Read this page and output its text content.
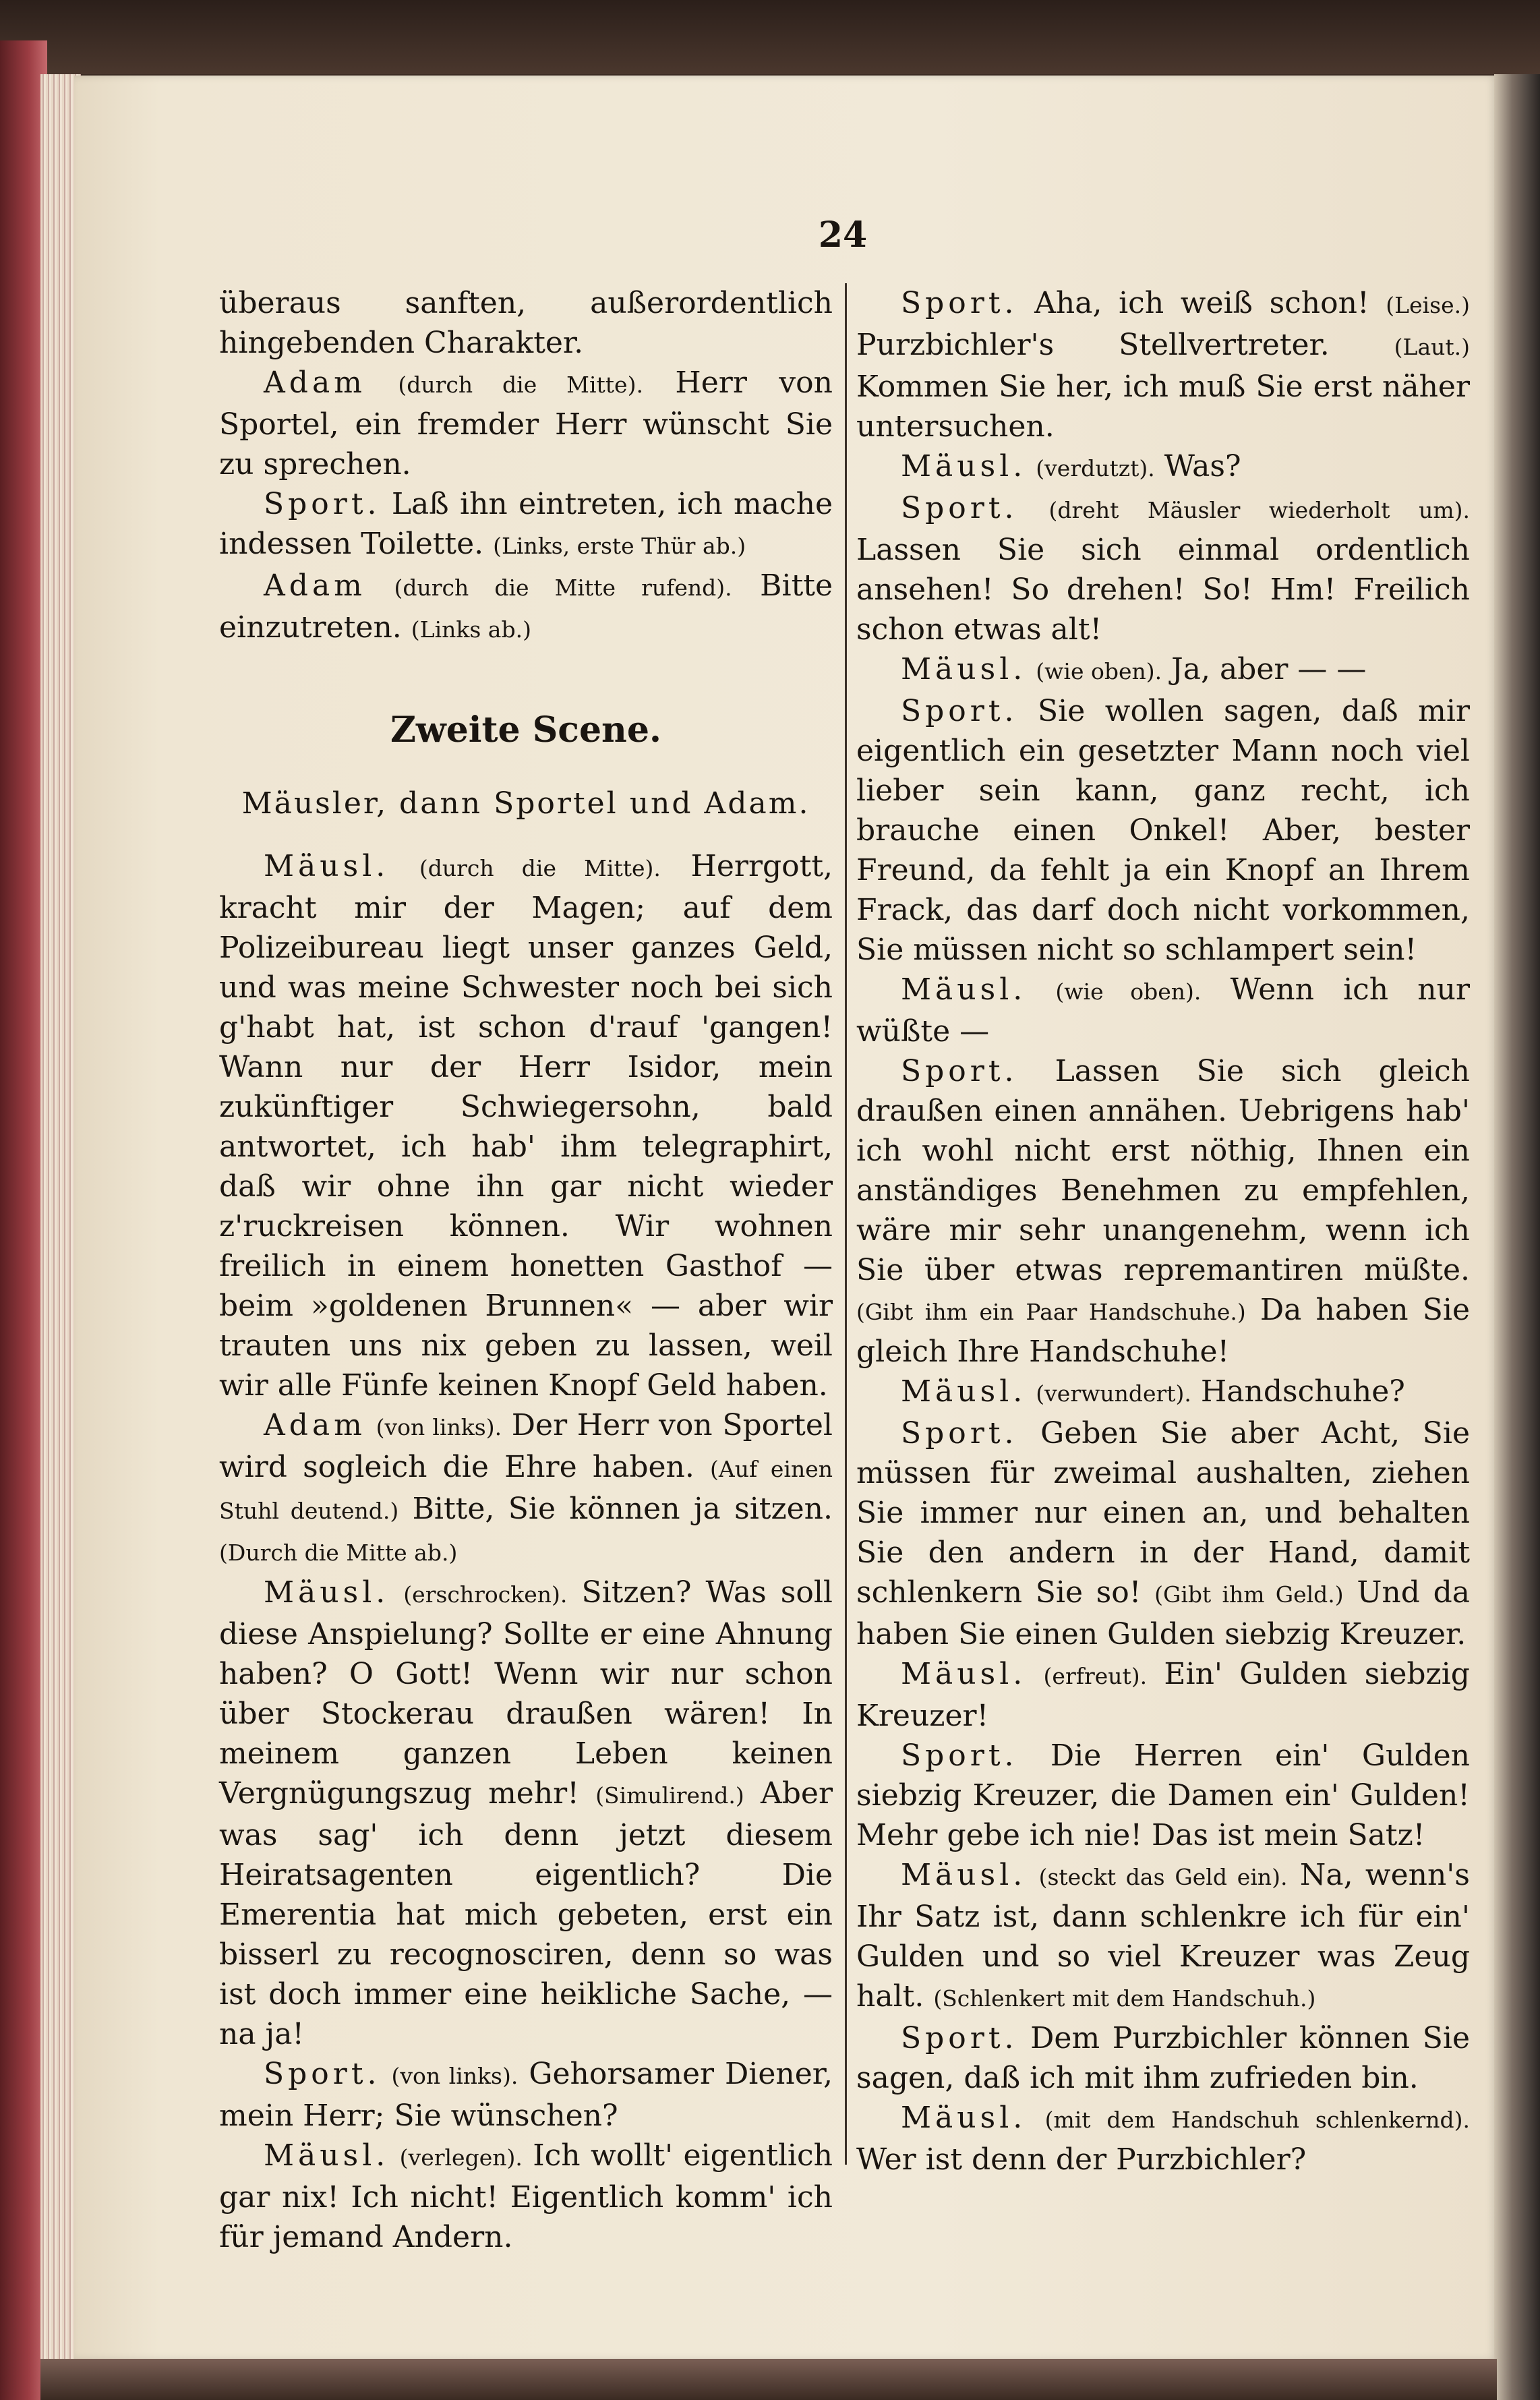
24

überaus sanften, außerordentlich hingebenden Charakter.

Adam (durch die Mitte). Herr von Sportel, ein fremder Herr wünscht Sie zu sprechen.

Sport. Laß ihn eintreten, ich mache indessen Toilette. (Links, erste Thür ab.)

Adam (durch die Mitte rufend). Bitte einzutreten. (Links ab.)

Zweite Scene.

Mäusler, dann Sportel und Adam.

Mäusl. (durch die Mitte). Herrgott, kracht mir der Magen; auf dem Polizeibureau liegt unser ganzes Geld, und was meine Schwester noch bei sich g'habt hat, ist schon d'rauf 'gangen! Wann nur der Herr Isidor, mein zukünftiger Schwiegersohn, bald antwortet, ich hab' ihm telegraphirt, daß wir ohne ihn gar nicht wieder z'ruckreisen können. Wir wohnen freilich in einem honetten Gasthof — beim »goldenen Brunnen« — aber wir trauten uns nix geben zu lassen, weil wir alle Fünfe keinen Knopf Geld haben.

Adam (von links). Der Herr von Sportel wird sogleich die Ehre haben. (Auf einen Stuhl deutend.) Bitte, Sie können ja sitzen. (Durch die Mitte ab.)

Mäusl. (erschrocken). Sitzen? Was soll diese Anspielung? Sollte er eine Ahnung haben? O Gott! Wenn wir nur schon über Stockerau draußen wären! In meinem ganzen Leben keinen Vergnügungszug mehr! (Simulirend.) Aber was sag' ich denn jetzt diesem Heiratsagenten eigentlich? Die Emerentia hat mich gebeten, erst ein bisserl zu recognosciren, denn so was ist doch immer eine heikliche Sache, — na ja!

Sport. (von links). Gehorsamer Diener, mein Herr; Sie wünschen?

Mäusl. (verlegen). Ich wollt' eigentlich gar nix! Ich nicht! Eigentlich komm' ich für jemand Andern.

Sport. Aha, ich weiß schon! (Leise.) Purzbichler's Stellvertreter.	(Laut.) Kommen Sie her, ich muß Sie erst näher untersuchen.

Mäusl. (verdutzt). Was?

Sport. (dreht Mäusler wiederholt um). Lassen Sie sich einmal ordentlich ansehen! So drehen! So! Hm! Freilich schon etwas alt!

Mäusl. (wie oben). Ja, aber — —

Sport. Sie wollen sagen, daß mir eigentlich ein gesetzter Mann noch viel lieber sein kann, ganz recht, ich brauche einen Onkel! Aber, bester Freund, da fehlt ja ein Knopf an Ihrem Frack, das darf doch nicht vorkommen, Sie müssen nicht so schlampert sein!

Mäusl. (wie oben). Wenn ich nur wüßte —

Sport. Lassen Sie sich gleich draußen einen annähen. Uebrigens hab' ich wohl nicht erst nöthig, Ihnen ein anständiges Benehmen zu empfehlen, wäre mir sehr unangenehm, wenn ich Sie über etwas repremantiren müßte. (Gibt ihm ein Paar Handschuhe.) Da haben Sie gleich Ihre Handschuhe!

Mäusl. (verwundert). Handschuhe?

Sport. Geben Sie aber Acht, Sie müssen für zweimal aushalten, ziehen Sie immer nur einen an, und behalten Sie den andern in der Hand, damit schlenkern Sie so! (Gibt ihm Geld.) Und da haben Sie einen Gulden siebzig Kreuzer.

Mäusl. (erfreut). Ein' Gulden siebzig Kreuzer!

Sport. Die Herren ein' Gulden siebzig Kreuzer, die Damen ein' Gulden! Mehr gebe ich nie! Das ist mein Satz!

Mäusl. (steckt das Geld ein). Na, wenn's Ihr Satz ist, dann schlenkre ich für ein' Gulden und so viel Kreuzer was Zeug halt. (Schlenkert mit dem Handschuh.)

Sport. Dem Purzbichler können Sie sagen, daß ich mit ihm zufrieden bin.

Mäusl. (mit dem Handschuh schlenkernd). Wer ist denn der Purzbichler?
